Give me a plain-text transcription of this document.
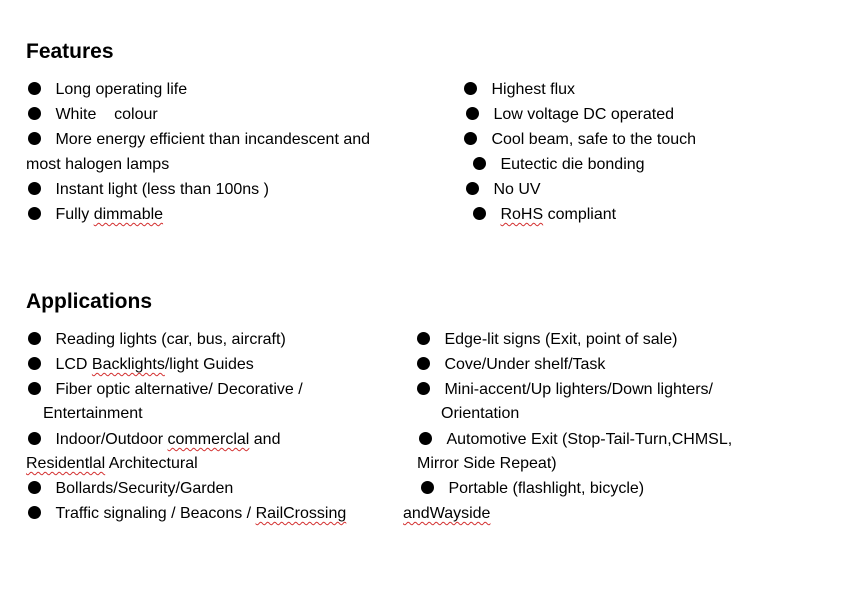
Features
Long operating life
White    colour
More energy efficient than incandescent and
most halogen lamps
Instant light (less than 100ns )
Fully dimmable
Highest flux
Low voltage DC operated
Cool beam, safe to the touch
Eutectic die bonding
No UV
RoHS compliant
Applications
Reading lights (car, bus, aircraft)
LCD Backlights/light Guides
Fiber optic alternative/ Decorative /
Entertainment
Indoor/Outdoor commerclal and
Residentlal Architectural
Bollards/Security/Garden
Traffic signaling / Beacons / RailCrossing
Edge-lit signs (Exit, point of sale)
Cove/Under shelf/Task
Mini-accent/Up lighters/Down lighters/
Orientation
Automotive Exit (Stop-Tail-Turn,CHMSL,
Mirror Side Repeat)
Portable (flashlight, bicycle)
andWayside
